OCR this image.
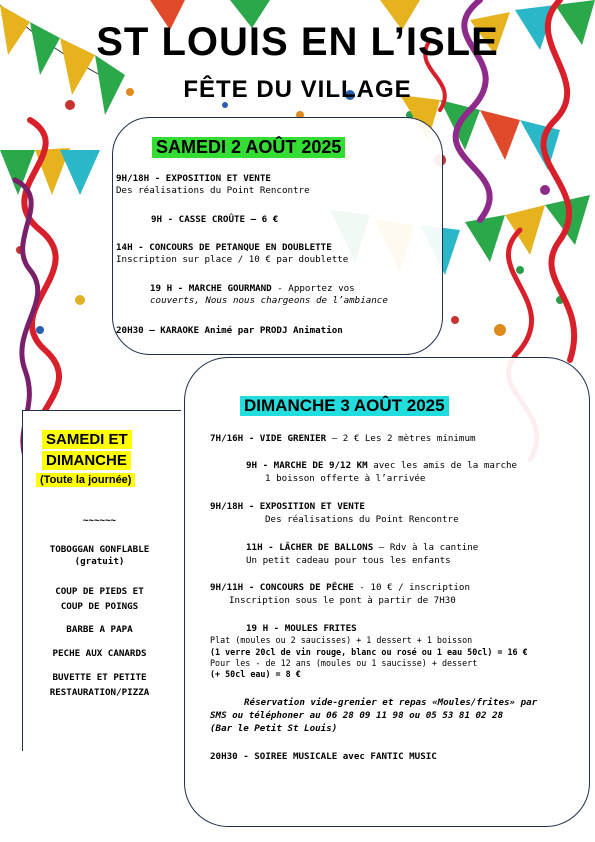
ST LOUIS EN L’ISLE
FÊTE DU VILLAGE
SAMEDI 2 AOÛT 2025
9H/18H - EXPOSITION ET VENTE
Des réalisations du Point Rencontre
9H - CASSE CROÛTE – 6 €
14H - CONCOURS DE PETANQUE EN DOUBLETTE
Inscription sur place / 10 € par doublette
19 H - MARCHE GOURMAND - Apportez vos
couverts, Nous nous chargeons de l’ambiance
20H30 – KARAOKE Animé par PRODJ Animation
SAMEDI ET
DIMANCHE
(Toute la journée)
~~~~~~
TOBOGGAN GONFLABLE
(gratuit)
COUP DE PIEDS ET
COUP DE POINGS
BARBE A PAPA
PECHE AUX CANARDS
BUVETTE ET PETITE
RESTAURATION/PIZZA
DIMANCHE 3 AOÛT 2025
7H/16H - VIDE GRENIER – 2 € Les 2 mètres minimum
9H - MARCHE DE 9/12 KM avec les amis de la marche
1 boisson offerte à l’arrivée
9H/18H - EXPOSITION ET VENTE
Des réalisations du Point Rencontre
11H - LÂCHER DE BALLONS – Rdv à la cantine
Un petit cadeau pour tous les enfants
9H/11H - CONCOURS DE PÊCHE - 10 € / inscription
Inscription sous le pont à partir de 7H30
19 H - MOULES FRITES
Plat (moules ou 2 saucisses) + 1 dessert + 1 boisson
(1 verre 20cl de vin rouge, blanc ou rosé ou 1 eau 50cl) = 16 €
Pour les - de 12 ans (moules ou 1 saucisse) + dessert
(+ 50cl eau) = 8 €
Réservation vide-grenier et repas «Moules/frites» par
SMS ou téléphoner au 06 28 09 11 98 ou 05 53 81 02 28
(Bar le Petit St Louis)
20H30 - SOIREE MUSICALE avec FANTIC MUSIC
